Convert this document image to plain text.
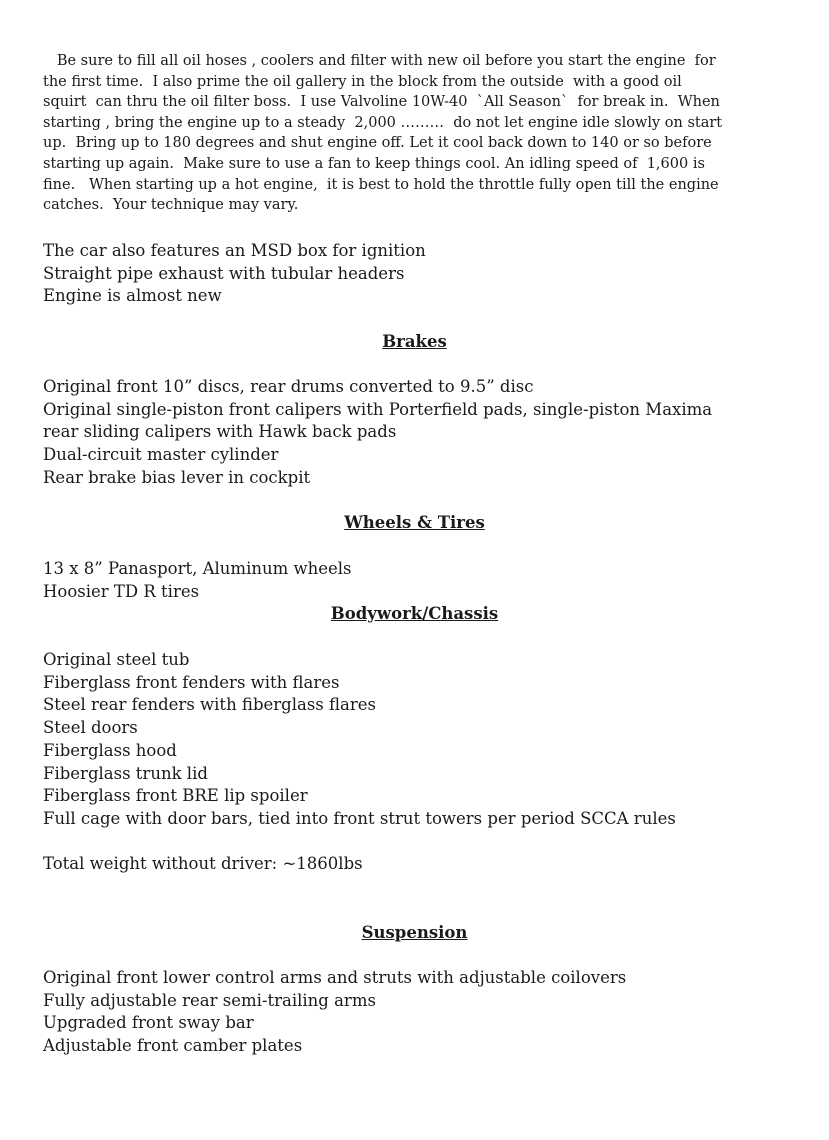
Be sure to fill all oil hoses , coolers and filter with new oil before you start the engine  for
the first time.  I also prime the oil gallery in the block from the outside  with a good oil
squirt  can thru the oil filter boss.  I use Valvoline 10W-40  `All Season`  for break in.  When
starting , bring the engine up to a steady  2,000 ………  do not let engine idle slowly on start
up.  Bring up to 180 degrees and shut engine off. Let it cool back down to 140 or so before
starting up again.  Make sure to use a fan to keep things cool. An idling speed of  1,600 is
fine.   When starting up a hot engine,  it is best to hold the throttle fully open till the engine
catches.  Your technique may vary.
The car also features an MSD box for ignition
Straight pipe exhaust with tubular headers
Engine is almost new
Brakes
Original front 10” discs, rear drums converted to 9.5” disc
Original single-piston front calipers with Porterfield pads, single-piston Maxima
rear sliding calipers with Hawk back pads
Dual-circuit master cylinder
Rear brake bias lever in cockpit
Wheels & Tires
13 x 8” Panasport, Aluminum wheels
Hoosier TD R tires
Bodywork/Chassis
Original steel tub
Fiberglass front fenders with flares
Steel rear fenders with fiberglass flares
Steel doors
Fiberglass hood
Fiberglass trunk lid
Fiberglass front BRE lip spoiler
Full cage with door bars, tied into front strut towers per period SCCA rules
Total weight without driver: ~1860lbs
Suspension
Original front lower control arms and struts with adjustable coilovers
Fully adjustable rear semi-trailing arms
Upgraded front sway bar
Adjustable front camber plates
